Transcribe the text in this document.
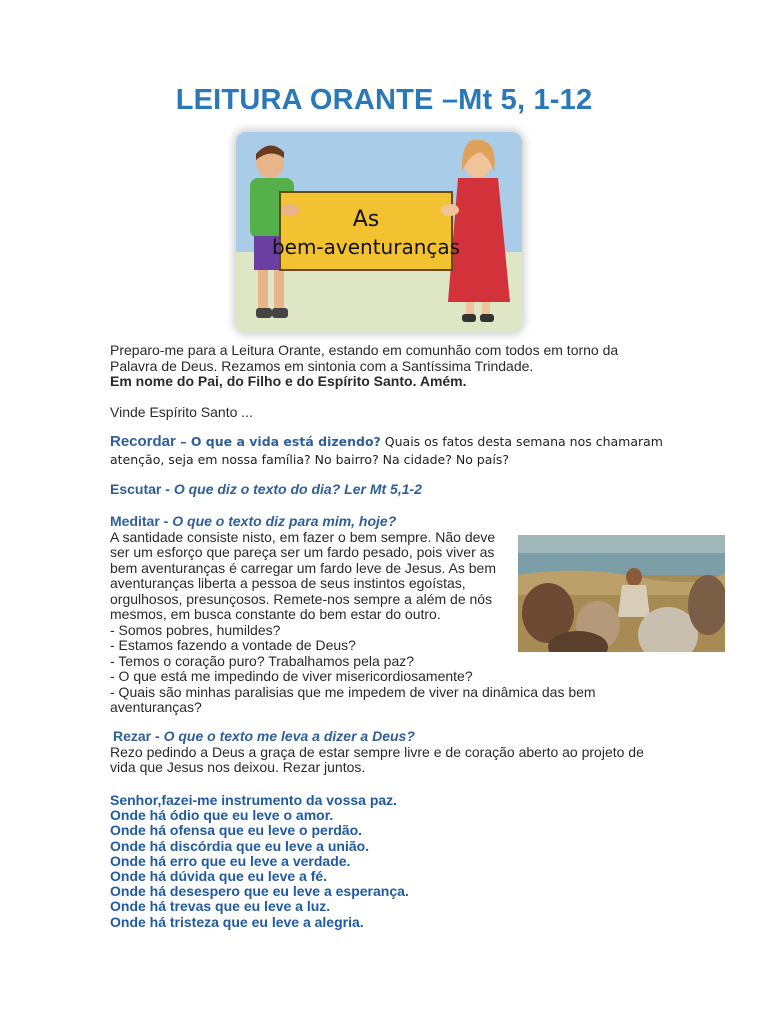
LEITURA ORANTE –Mt 5, 1-12
As
bem-aventuranças
Preparo-me para a Leitura Orante, estando em comunhão com todos em torno da
Palavra de Deus. Rezamos em sintonia com a Santíssima Trindade.
Em nome do Pai, do Filho e do Espírito Santo. Amém.
Vinde Espírito Santo ...
Recordar – O que a vida está dizendo? Quais os fatos desta semana nos chamaram
atenção, seja em nossa família? No bairro? Na cidade? No país?
Escutar - O que diz o texto do dia? Ler Mt 5,1-2
Meditar - O que o texto diz para mim, hoje?
A santidade consiste nisto, em fazer o bem sempre. Não deve
ser um esforço que pareça ser um fardo pesado, pois viver as
bem aventuranças é carregar um fardo leve de Jesus. As bem
aventuranças liberta a pessoa de seus instintos egoístas,
orgulhosos, presunçosos. Remete-nos sempre a além de nós
mesmos, em busca constante do bem estar do outro.
- Somos pobres, humildes?
- Estamos fazendo a vontade de Deus?
- Temos o coração puro? Trabalhamos pela paz?
- O que está me impedindo de viver misericordiosamente?
- Quais são minhas paralisias que me impedem de viver na dinâmica das bem
aventuranças?
Rezar - O que o texto me leva a dizer a Deus?
Rezo pedindo a Deus a graça de estar sempre livre e de coração aberto ao projeto de
vida que Jesus nos deixou. Rezar juntos.
Senhor,fazei-me instrumento da vossa paz.
Onde há ódio que eu leve o amor.
Onde há ofensa que eu leve o perdão.
Onde há discórdia que eu leve a união.
Onde há erro que eu leve a verdade.
Onde há dúvida que eu leve a fé.
Onde há desespero que eu leve a esperança.
Onde há trevas que eu leve a luz.
Onde há tristeza que eu leve a alegria.
